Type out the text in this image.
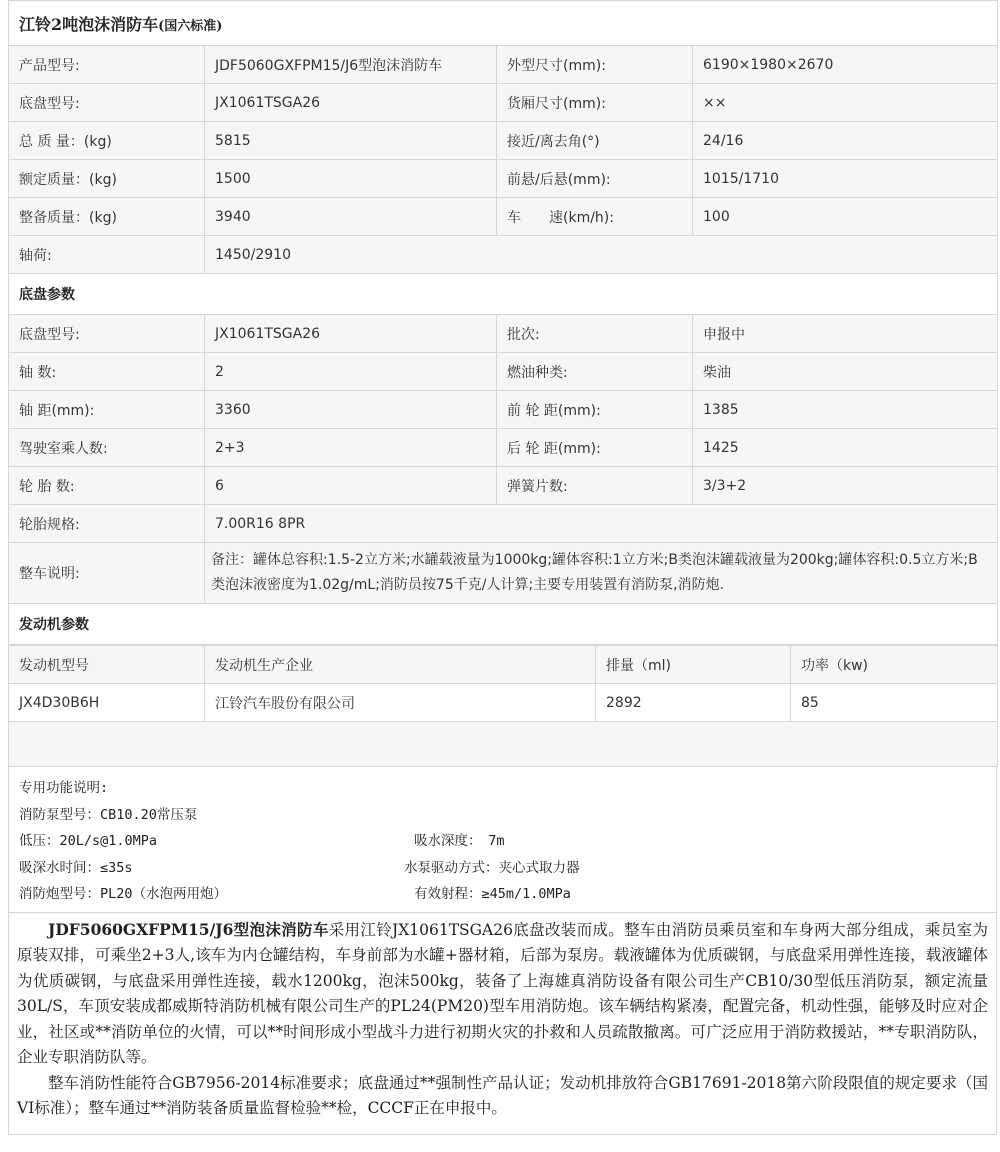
江铃2吨泡沫消防车(国六标准)			
产品型号:	JDF5060GXFPM15/J6型泡沫消防车	外型尺寸(mm):	6190×1980×2670
底盘型号:	JX1061TSGA26	货厢尺寸(mm):	××
总 质 量：(kg)	5815	接近/离去角(°)	24/16
额定质量：(kg)	1500	前悬/后悬(mm):	1015/1710
整备质量：(kg)	3940	车　　速(km/h):	100
轴荷:	1450/2910		
底盘参数			
底盘型号:	JX1061TSGA26	批次:	申报中
轴 数:	2	燃油种类:	柴油
轴 距(mm):	3360	前 轮 距(mm):	1385
驾驶室乘人数:	2+3	后 轮 距(mm):	1425
轮 胎 数:	6	弹簧片数:	3/3+2
轮胎规格:	7.00R16 8PR		
整车说明:	备注：罐体总容积:1.5-2立方米;水罐载液量为1000kg;罐体容积:1立方米;B类泡沫罐载液量为200kg;罐体容积:0.5立方米;B类泡沫液密度为1.02g/mL;消防员按75千克/人计算;主要专用装置有消防泵,消防炮.		
发动机参数			
发动机型号	发动机生产企业	排量（ml)	功率（kw)
JX4D30B6H	江铃汽车股份有限公司	2892	85

专用功能说明:
消防泵型号：CB10.20常压泵
低压：20L/s@1.0MPa	吸水深度：　7m
吸深水时间：≤35s	水泵驱动方式：夹心式取力器
消防炮型号：PL20（水泡两用炮）	有效射程：≥45m/1.0MPa

JDF5060GXFPM15/J6型泡沫消防车采用江铃JX1061TSGA26底盘改装而成。整车由消防员乘员室和车身两大部分组成，乘员室为原装双排，可乘坐2+3人,该车为内仓罐结构，车身前部为水罐+器材箱，后部为泵房。载液罐体为优质碳钢，与底盘采用弹性连接，载液罐体为优质碳钢，与底盘采用弹性连接，载水1200kg，泡沫500kg，装备了上海雄真消防设备有限公司生产CB10/30型低压消防泵，额定流量30L/S，车顶安装成都威斯特消防机械有限公司生产的PL24(PM20)型车用消防炮。该车辆结构紧凑，配置完备，机动性强，能够及时应对企业，社区或**消防单位的火情，可以**时间形成小型战斗力进行初期火灾的扑救和人员疏散撤离。可广泛应用于消防救援站，**专职消防队，企业专职消防队等。

整车消防性能符合GB7956-2014标准要求；底盘通过**强制性产品认证；发动机排放符合GB17691-2018第六阶段限值的规定要求（国VI标准）；整车通过**消防装备质量监督检验**检，CCCF正在申报中。
